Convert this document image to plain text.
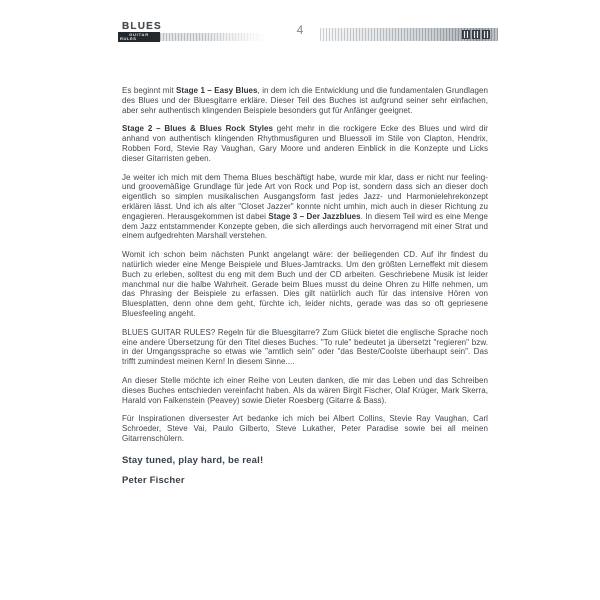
BLUES
GUITAR
RULES
4

Es beginnt mit Stage 1 – Easy Blues, in dem ich die Entwicklung und die fundamentalen Grundlagen des Blues und der Bluesgitarre erkläre. Dieser Teil des Buches ist aufgrund seiner sehr einfachen, aber sehr authentisch klingenden Beispiele besonders gut für Anfänger geeignet.

Stage 2 – Blues & Blues Rock Styles geht mehr in die rockigere Ecke des Blues und wird dir anhand von authentisch klingenden Rhythmusfiguren und Bluessoli im Stile von Clapton, Hendrix, Robben Ford, Stevie Ray Vaughan, Gary Moore und anderen Einblick in die Konzepte und Licks dieser Gitarristen geben.

Je weiter ich mich mit dem Thema Blues beschäftigt habe, wurde mir klar, dass er nicht nur feeling- und groovemäßige Grundlage für jede Art von Rock und Pop ist, sondern dass sich an dieser doch eigentlich so simplen musikalischen Ausgangsform fast jedes Jazz- und Harmonielehrekonzept erklären lässt. Und ich als alter "Closet Jazzer" konnte nicht umhin, mich auch in dieser Richtung zu engagieren. Herausgekommen ist dabei Stage 3 – Der Jazzblues. In diesem Teil wird es eine Menge dem Jazz entstammender Konzepte geben, die sich allerdings auch hervorragend mit einer Strat und einem aufgedrehten Marshall verstehen.

Womit ich schon beim nächsten Punkt angelangt wäre: der beiliegenden CD. Auf ihr findest du natürlich wieder eine Menge Beispiele und Blues-Jamtracks. Um den größten Lerneffekt mit diesem Buch zu erleben, solltest du eng mit dem Buch und der CD arbeiten. Geschriebene Musik ist leider manchmal nur die halbe Wahrheit. Gerade beim Blues musst du deine Ohren zu Hilfe nehmen, um das Phrasing der Beispiele zu erfassen. Dies gilt natürlich auch für das intensive Hören von Bluesplatten, denn ohne dem geht, fürchte ich, leider nichts, gerade was das so oft gepriesene Bluesfeeling angeht.

BLUES GUITAR RULES? Regeln für die Bluesgitarre? Zum Glück bietet die englische Sprache noch eine andere Übersetzung für den Titel dieses Buches. "To rule" bedeutet ja übersetzt "regieren" bzw. in der Umgangssprache so etwas wie "amtlich sein" oder "das Beste/Coolste überhaupt sein". Das trifft zumindest meinen Kern! In diesem Sinne....

An dieser Stelle möchte ich einer Reihe von Leuten danken, die mir das Leben und das Schreiben dieses Buches entschieden vereinfacht haben. Als da wären Birgit Fischer, Olaf Krüger, Mark Skerra, Harald von Falkenstein (Peavey) sowie Dieter Roesberg (Gitarre & Bass).

Für Inspirationen diversester Art bedanke ich mich bei Albert Collins, Stevie Ray Vaughan, Carl Schroeder, Steve Vai, Paulo Gilberto, Steve Lukather, Peter Paradise sowie bei all meinen Gitarrenschülern.

Stay tuned, play hard, be real!

Peter Fischer
